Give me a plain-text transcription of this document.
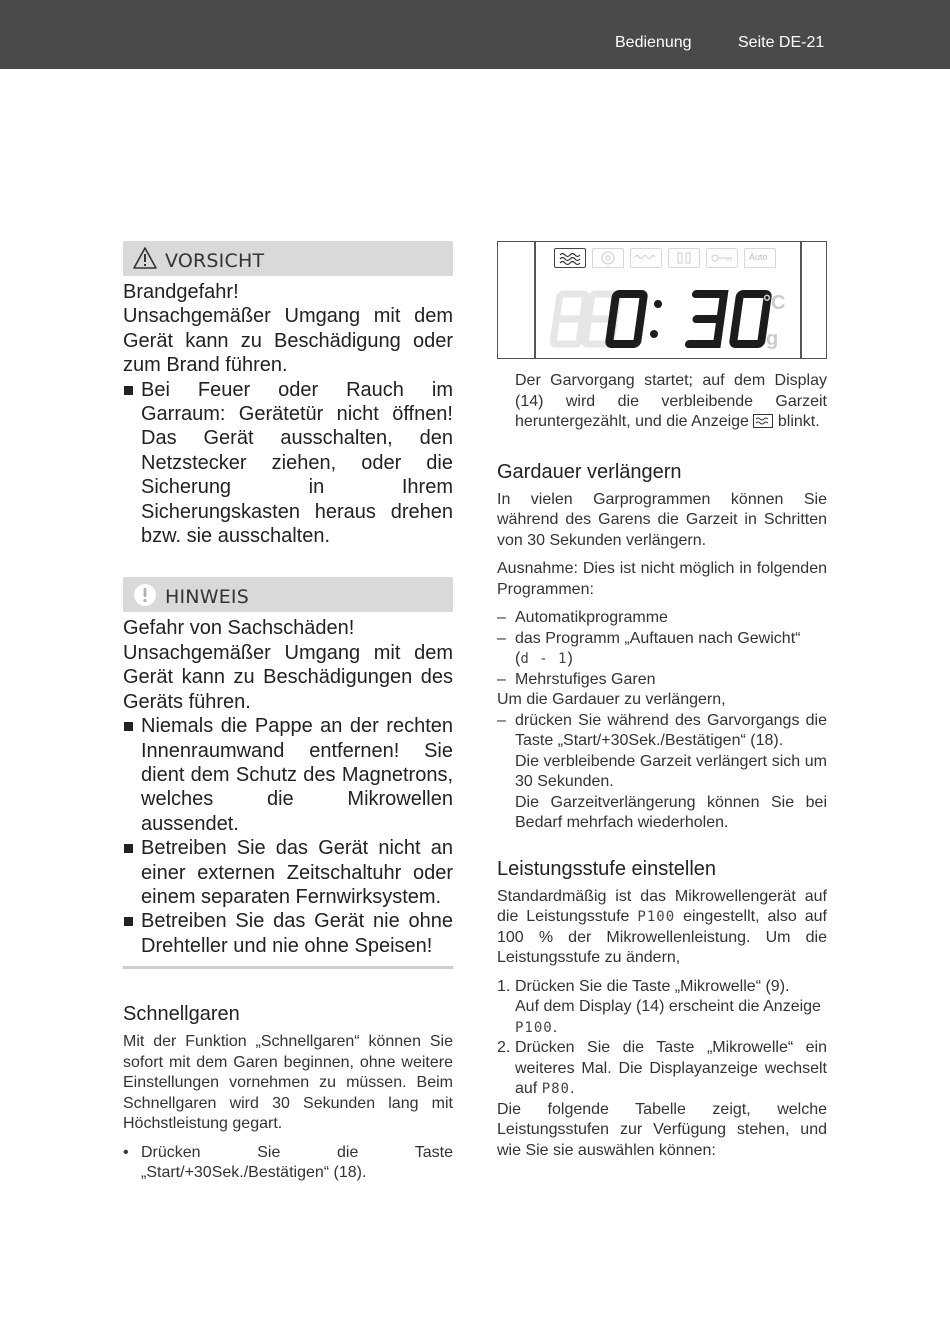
Bedienung	Seite DE-21
VORSICHT

Brandgefahr!

Unsachgemäßer Umgang mit dem Gerät kann zu Beschädigung oder zum Brand führen.

Bei Feuer oder Rauch im Garraum: Gerätetür nicht öffnen! Das Gerät ausschalten, den Netzstecker ziehen, oder die Sicherung in Ihrem Sicherungskasten heraus drehen bzw. sie ausschalten.
HINWEIS

Gefahr von Sachschäden!

Unsachgemäßer Umgang mit dem Gerät kann zu Beschädigungen des Geräts führen.

Niemals die Pappe an der rechten Innenraumwand entfernen! Sie dient dem Schutz des Magnetrons, welches die Mikrowellen aussendet.
Betreiben Sie das Gerät nicht an einer externen Zeitschaltuhr oder einem separaten Fernwirksystem.
Betreiben Sie das Gerät nie ohne Drehteller und nie ohne Speisen!
Schnellgaren

Mit der Funktion „Schnellgaren“ können Sie sofort mit dem Garen beginnen, ohne weitere Einstellungen vornehmen zu müssen. Beim Schnellgaren wird 30 Sekunden lang mit Höchstleistung gegart.

• Drücken Sie die Taste „Start/+30Sek./Bestätigen“ (18).
Auto
°C
g

Der Garvorgang startet; auf dem Display (14) wird die verbleibende Garzeit heruntergezählt, und die Anzeige blinkt.

Gardauer verlängern

In vielen Garprogrammen können Sie während des Garens die Garzeit in Schritten von 30 Sekunden verlängern.

Ausnahme: Dies ist nicht möglich in folgenden Programmen:

– Automatikprogramme
– das Programm „Auftauen nach Gewicht“
(d - 1)
– Mehrstufiges Garen

Um die Gardauer zu verlängern,

– drücken Sie während des Garvorgangs die Taste „Start/+30Sek./Bestätigen“ (18).
Die verbleibende Garzeit verlängert sich um 30 Sekunden.
Die Garzeitverlängerung können Sie bei Bedarf mehrfach wiederholen.
Leistungsstufe einstellen

Standardmäßig ist das Mikrowellengerät auf die Leistungsstufe P100 eingestellt, also auf 100 % der Mikrowellenleistung. Um die Leistungsstufe zu ändern,

1. Drücken Sie die Taste „Mikrowelle“ (9).
Auf dem Display (14) erscheint die Anzeige
P100.
2. Drücken Sie die Taste „Mikrowelle“ ein weiteres Mal. Die Displayanzeige wechselt auf P80.

Die folgende Tabelle zeigt, welche Leistungsstufen zur Verfügung stehen, und wie Sie sie auswählen können:
